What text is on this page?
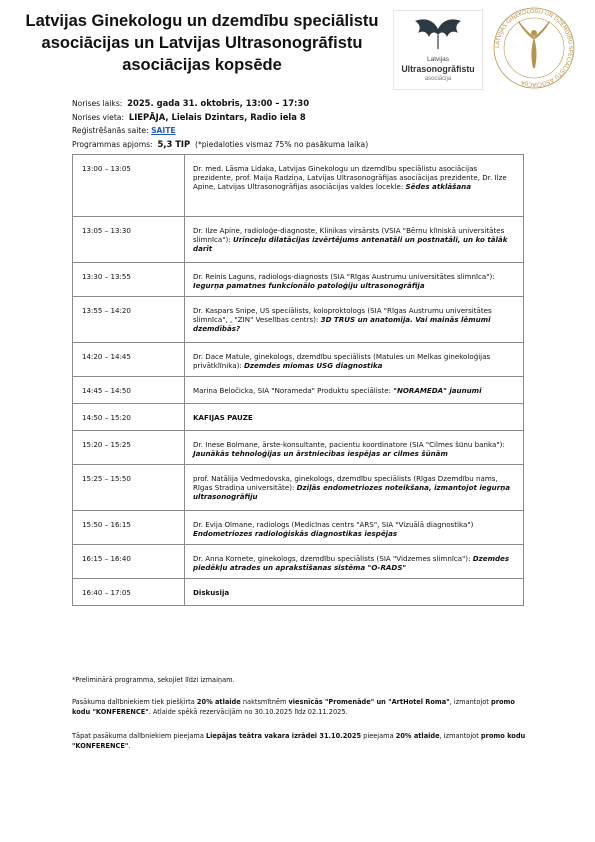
Latvijas Ginekologu un dzemdību speciālistu
asociācijas un Latvijas Ultrasonogrāfistu
asociācijas kopsēde	Latvijas
Ultrasonogrāfistu
asociācija
LATVIJAS GINEKOLOGU UN DZEMDĪBU SPECIĀLISTU ASOCIĀCIJA
Norises laiks: 2025. gada 31. oktobris, 13:00 – 17:30
Norises vieta: LIEPĀJA, Lielais Dzintars, Radio iela 8
Reģistrēšanās saite: SAITE
Programmas apjoms: 5,3 TIP (*piedaloties vismaz 75% no pasākuma laika)
13:00 – 13:05	Dr. med. Lāsma Lidaka, Latvijas Ginekologu un dzemdību speciālistu asociācijas prezidente, prof. Maija Radziņa, Latvijas Ultrasonogrāfijas asociācijas prezidente, Dr. Ilze Apine, Latvijas Ultrasonogrāfijas asociācijas valdes locekle: Sēdes atklāšana
13:05 – 13:30	Dr. Ilze Apine, radioloģe-diagnoste, Klinikas virsārsts (VSIA "Bērnu klīniskā universitātes slimnīca"): Urīnceļu dilatācijas izvērtējums antenatāli un postnatāli, un ko tālāk darīt
13:30 – 13:55	Dr. Reinis Laguns, radiologs-diagnosts (SIA "Rīgas Austrumu universitātes slimnīca"): Iegurņa pamatnes funkcionālo patoloģiju ultrasonogrāfija
13:55 – 14:20	Dr. Kaspars Snipe, US speciālists, koloproktologs (SIA "Rīgas Austrumu universitātes slimnīca", , "ZIN" Veselības centrs): 3D TRUS un anatomija. Vai mainās lēmumi dzemdībās?
14:20 – 14:45	Dr. Dace Matule, ginekologs, dzemdību speciālists (Matules un Melkas ginekoloģijas privātklīnika): Dzemdes miomas USG diagnostika
14:45 – 14:50	Marina Beločicka, SIA "Norameda" Produktu speciāliste: "NORAMEDA" jaunumi
14:50 – 15:20	KAFIJAS PAUZE
15:20 – 15:25	Dr. Inese Bolmane, ārste-konsultante, pacientu koordinatore (SIA "Cilmes šūnu banka"): Jaunākās tehnoloģijas un ārstniecības iespējas ar cilmes šūnām
15:25 – 15:50	prof. Natālija Vedmedovska, ginekologs, dzemdību speciālists (Rīgas Dzemdību nams, Rīgas Stradiņa universitāte): Dziļās endometriozes noteikšana, izmantojot iegurņa ultrasonogrāfiju
15:50 – 16:15	Dr. Evija Olmane, radiologs (Medicīnas centrs "ARS", SIA "Vizuālā diagnostika") Endometriozes radioloģiskās diagnostikas iespējas
16:15 – 16:40	Dr. Anna Kornete, ginekologs, dzemdību speciālists (SIA "Vidzemes slimnīca"): Dzemdes piedēkļu atrades un aprakstīšanas sistēma "O-RADS"
16:40 – 17:05	Diskusija
*Preliminārā programma, sekojiet līdzi izmaiņam.
Pasākuma dalībniekiem tiek piešķirta 20% atlaide naktsmītnēm viesnīcās "Promenāde" un "ArtHotel Roma", izmantojot promo kodu "KONFERENCE". Atlaide spēkā rezervācijām no 30.10.2025 līdz 02.11.2025.
Tāpat pasākuma dalībniekiem pieejama Liepājas teātra vakara izrādei 31.10.2025 pieejama 20% atlaide, izmantojot promo kodu "KONFERENCE".
